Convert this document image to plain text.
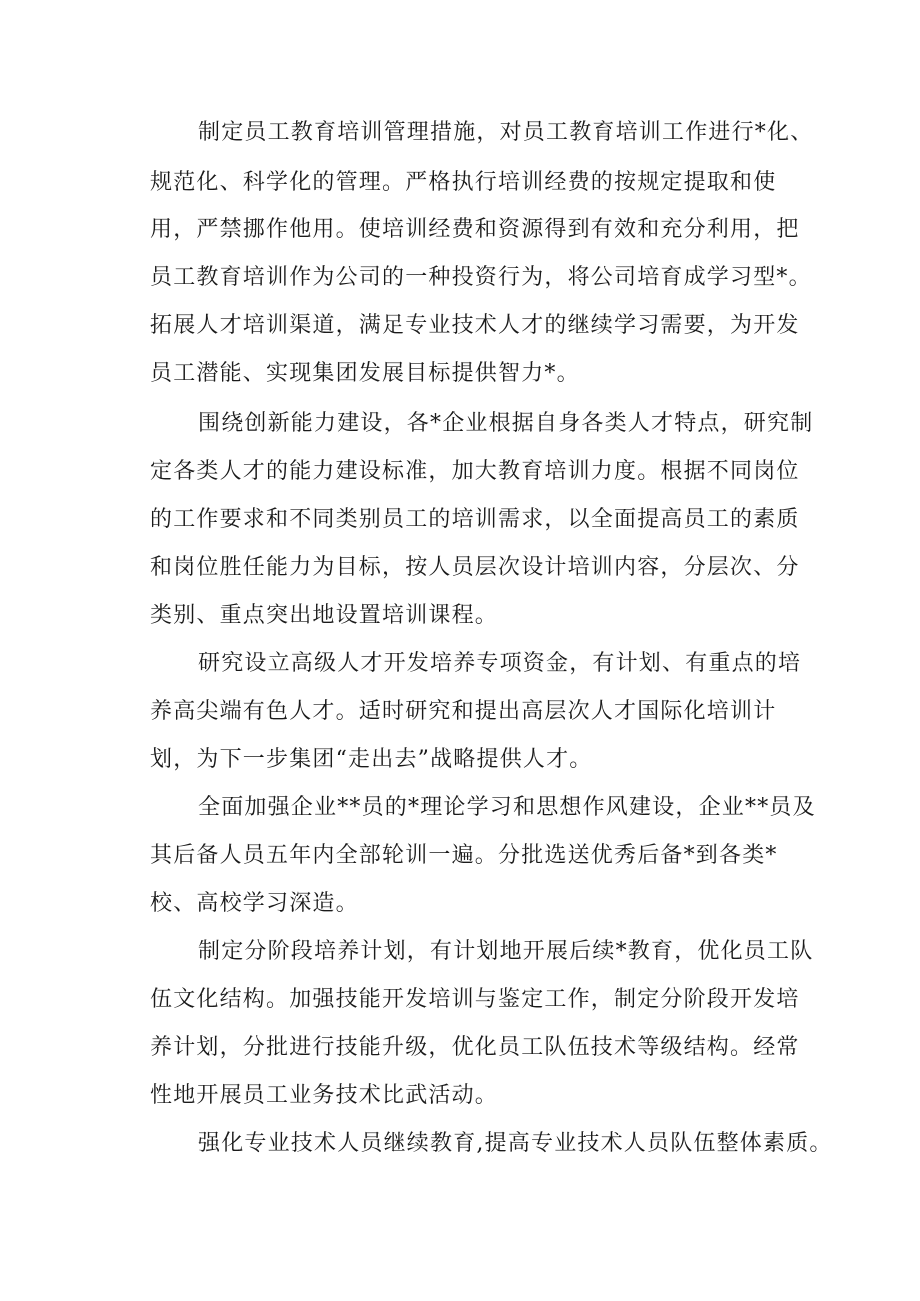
制定员工教育培训管理措施，对员工教育培训工作进行*化、
规范化、科学化的管理。严格执行培训经费的按规定提取和使
用，严禁挪作他用。使培训经费和资源得到有效和充分利用，把
员工教育培训作为公司的一种投资行为，将公司培育成学习型*。
拓展人才培训渠道，满足专业技术人才的继续学习需要，为开发
员工潜能、实现集团发展目标提供智力*。
围绕创新能力建设，各*企业根据自身各类人才特点，研究制
定各类人才的能力建设标准，加大教育培训力度。根据不同岗位
的工作要求和不同类别员工的培训需求，以全面提高员工的素质
和岗位胜任能力为目标，按人员层次设计培训内容，分层次、分
类别、重点突出地设置培训课程。
研究设立高级人才开发培养专项资金，有计划、有重点的培
养高尖端有色人才。适时研究和提出高层次人才国际化培训计
划，为下一步集团“走出去”战略提供人才。
全面加强企业**员的*理论学习和思想作风建设，企业**员及
其后备人员五年内全部轮训一遍。分批选送优秀后备*到各类*
校、高校学习深造。
制定分阶段培养计划，有计划地开展后续*教育，优化员工队
伍文化结构。加强技能开发培训与鉴定工作，制定分阶段开发培
养计划，分批进行技能升级，优化员工队伍技术等级结构。经常
性地开展员工业务技术比武活动。
强化专业技术人员继续教育,提高专业技术人员队伍整体素质。
